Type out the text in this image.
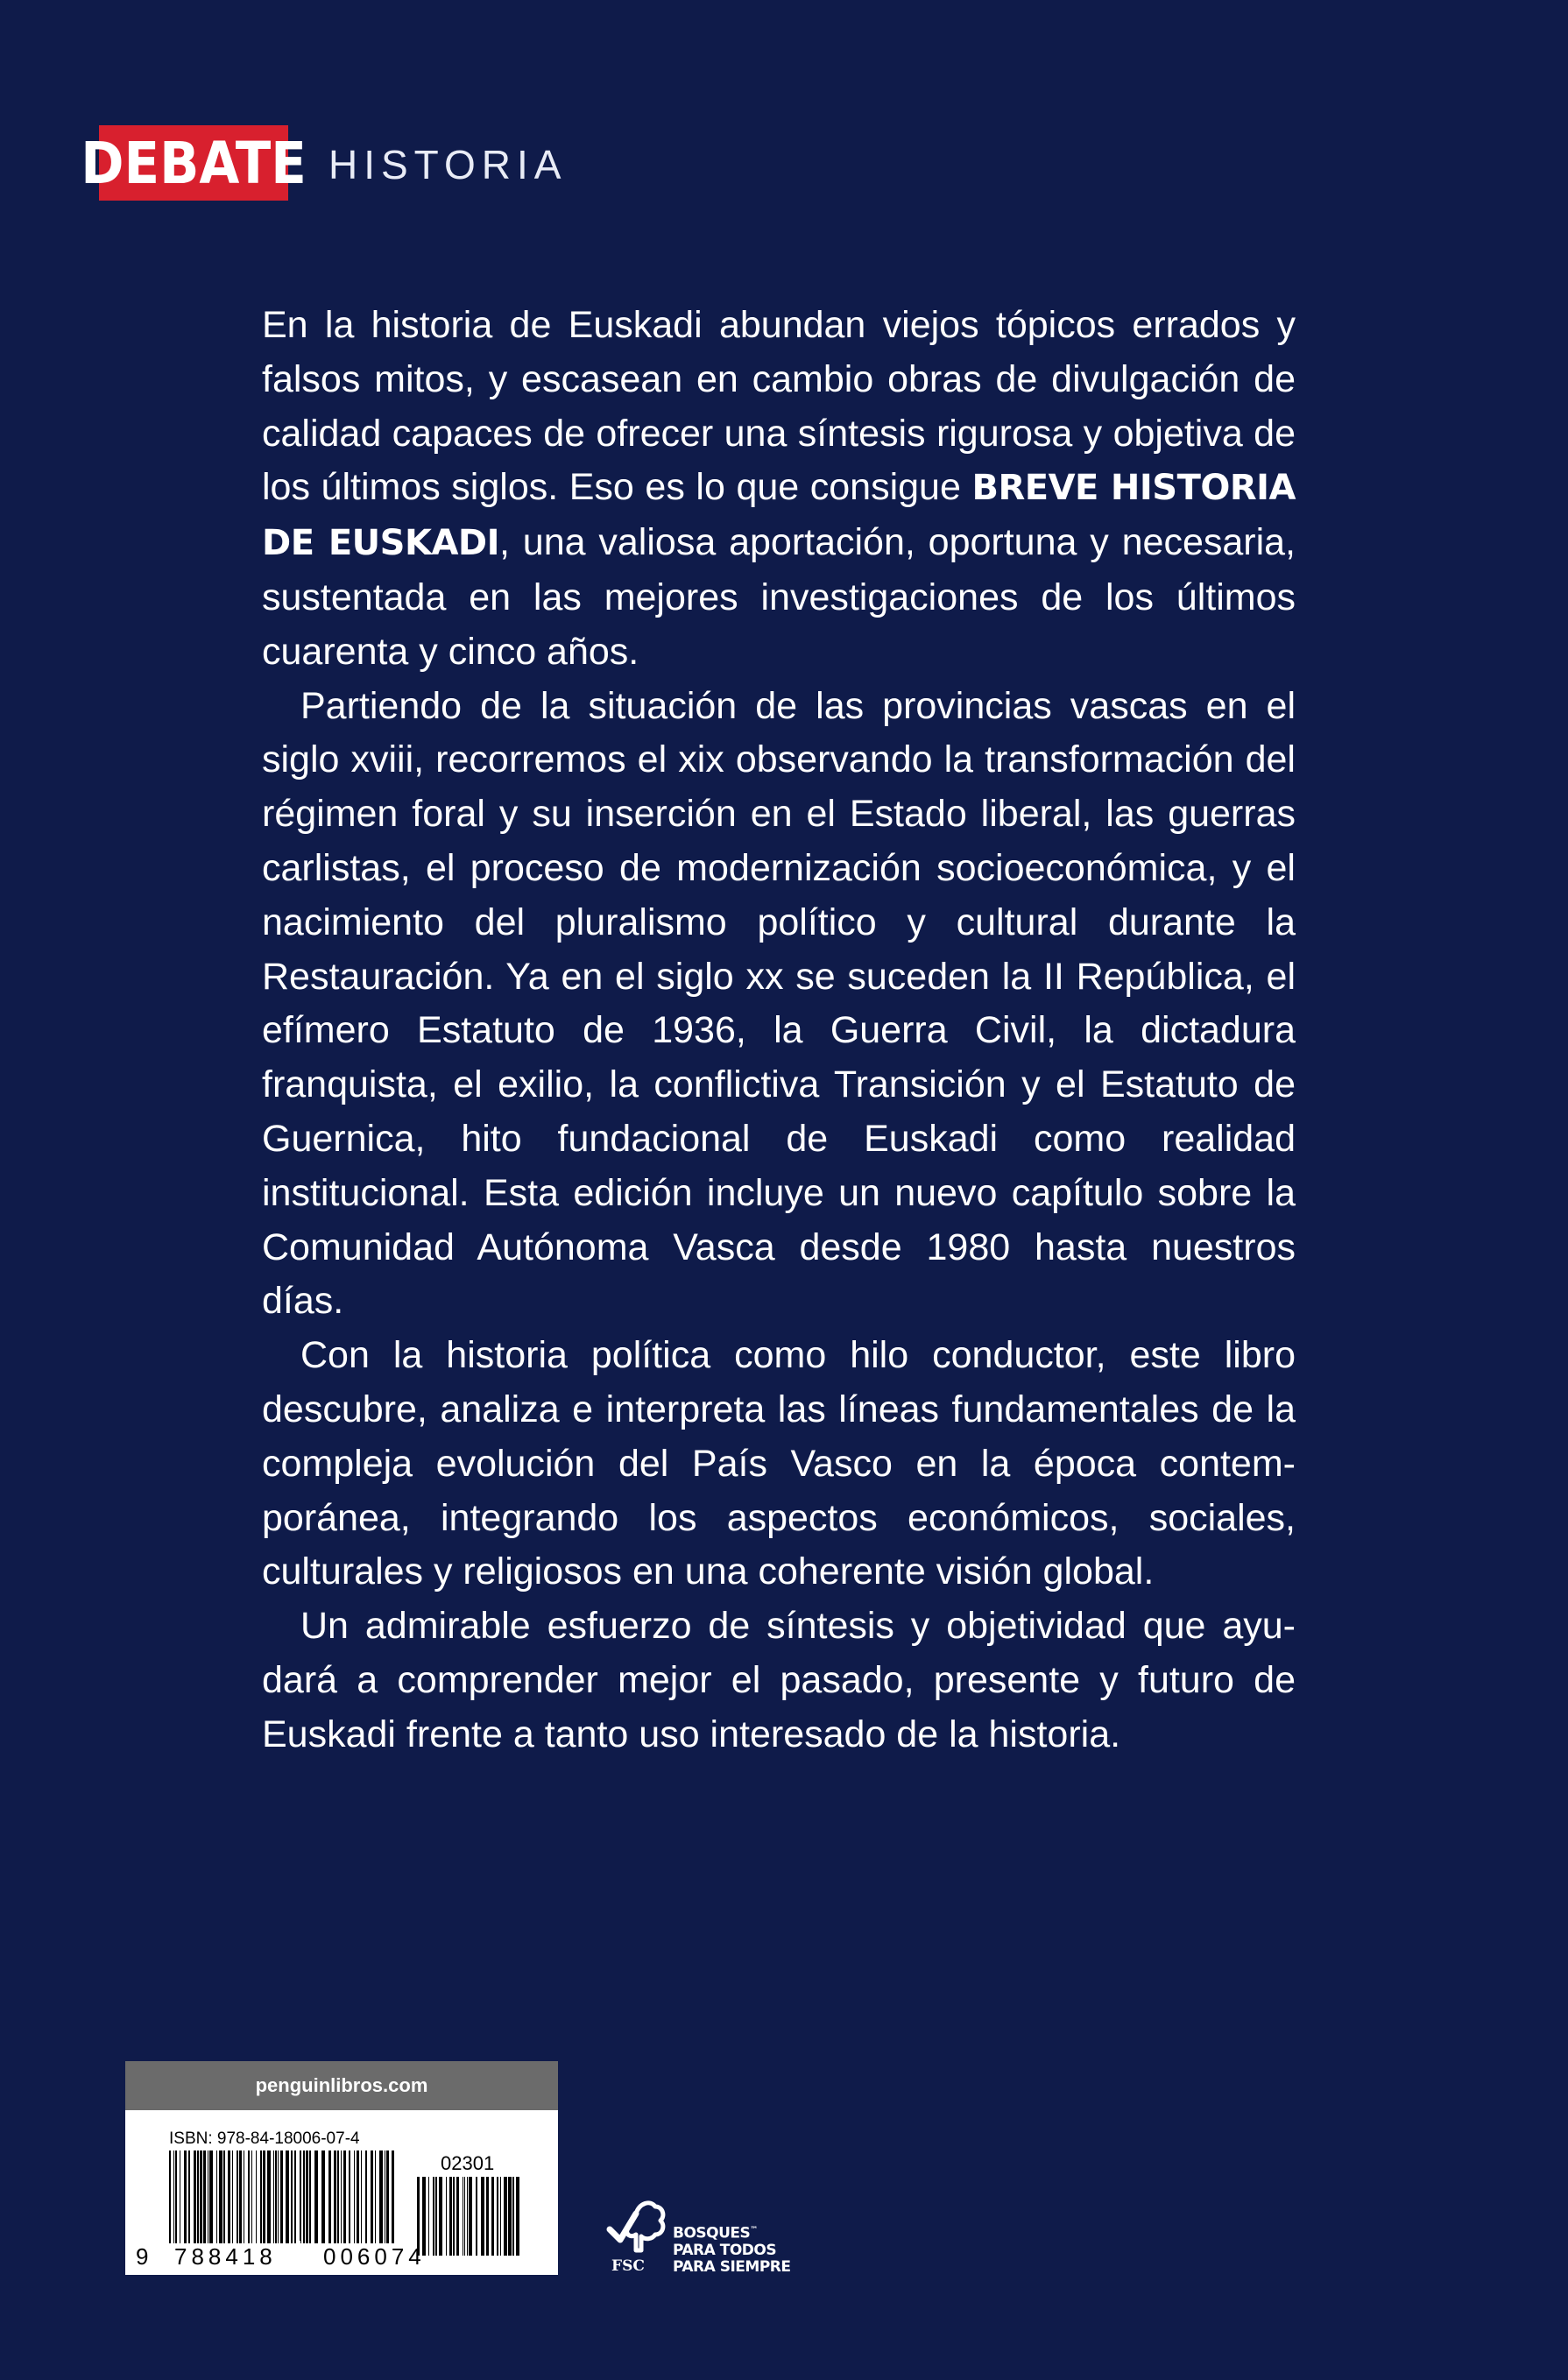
DEBATE HISTORIA

En la historia de Euskadi abundan viejos tópicos errados y falsos mitos, y escasean en cambio obras de divulgación de calidad capaces de ofrecer una síntesis rigurosa y objetiva de los últimos siglos. Eso es lo que consigue BREVE HISTORIA DE EUSKADI, una valiosa aportación, oportuna y necesaria, sustentada en las mejores investigaciones de los últimos cuarenta y cinco años.

Partiendo de la situación de las provincias vascas en el siglo xviii, recorremos el xix observando la transformación del régimen foral y su inserción en el Estado liberal, las guerras carlistas, el proceso de modernización socioeconómica, y el nacimiento del pluralismo político y cultural durante la Restauración. Ya en el siglo xx se suceden la II República, el efímero Estatuto de 1936, la Guerra Civil, la dictadura franquista, el exilio, la conflictiva Transición y el Estatuto de Guernica, hito fundacional de Euskadi como realidad institucional. Esta edición incluye un nuevo capítulo sobre la Comunidad Autónoma Vasca desde 1980 hasta nuestros días.

Con la historia política como hilo conductor, este libro descubre, analiza e interpreta las líneas fundamentales de la compleja evolución del País Vasco en la época contemporánea, integrando los aspectos económicos, sociales, culturales y religiosos en una coherente visión global.

Un admirable esfuerzo de síntesis y objetividad que ayudará a comprender mejor el pasado, presente y futuro de Euskadi frente a tanto uso interesado de la historia.

penguinlibros.com
9 788418 006074
ISBN: 978-84-18006-07-4
02301
BOSQUES™
PARA TODOS
PARA SIEMPRE
FSC
